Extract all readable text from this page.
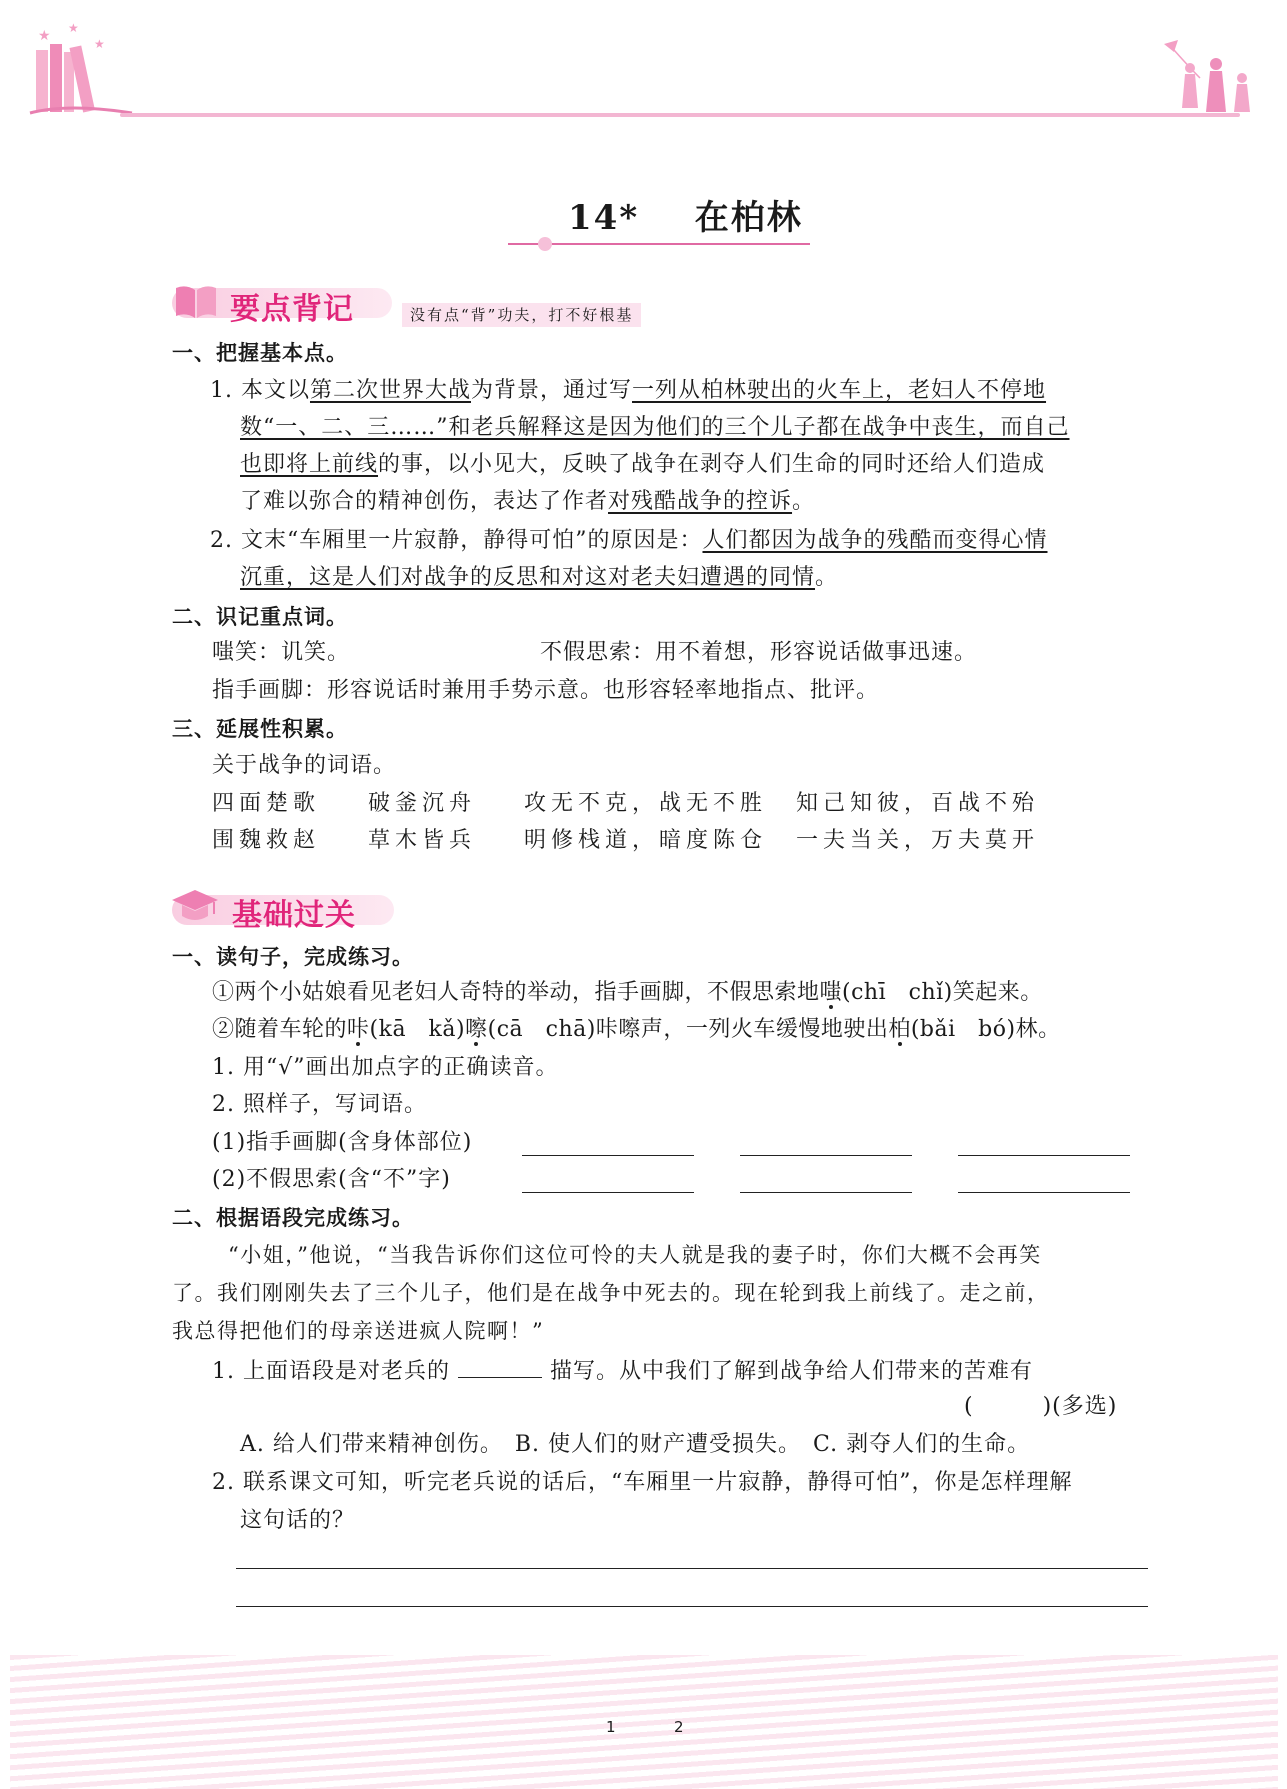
★ ★
★
14* 在柏林
要点背记	没有点“背”功夫，打不好根基
一、把握基本点。
1. 本文以第二次世界大战为背景，通过写一列从柏林驶出的火车上，老妇人不停地
数“一、二、三……”和老兵解释这是因为他们的三个儿子都在战争中丧生，而自己
也即将上前线的事，以小见大，反映了战争在剥夺人们生命的同时还给人们造成
了难以弥合的精神创伤，表达了作者对残酷战争的控诉。
2. 文末“车厢里一片寂静，静得可怕”的原因是：人们都因为战争的残酷而变得心情
沉重，这是人们对战争的反思和对这对老夫妇遭遇的同情。
二、识记重点词。
嗤笑：讥笑。	不假思索：用不着想，形容说话做事迅速。
指手画脚：形容说话时兼用手势示意。也形容轻率地指点、批评。
三、延展性积累。
关于战争的词语。
四面楚歌 破釜沉舟 攻无不克，战无不胜 知己知彼，百战不殆
围魏救赵 草木皆兵 明修栈道，暗度陈仓 一夫当关，万夫莫开
基础过关
一、读句子，完成练习。
①两个小姑娘看见老妇人奇特的举动，指手画脚，不假思索地嗤(chī　chǐ)笑起来。
②随着车轮的咔(kā　kǎ)嚓(cā　chā)咔嚓声，一列火车缓慢地驶出柏(bǎi　bó)林。
1. 用“√”画出加点字的正确读音。
2. 照样子，写词语。
(1)指手画脚(含身体部位)
(2)不假思索(含“不”字)
二、根据语段完成练习。
“小姐，”他说，“当我告诉你们这位可怜的夫人就是我的妻子时，你们大概不会再笑
了。我们刚刚失去了三个儿子，他们是在战争中死去的。现在轮到我上前线了。走之前，
我总得把他们的母亲送进疯人院啊！”
1. 上面语段是对老兵的	描写。从中我们了解到战争给人们带来的苦难有
(　　　)(多选)
A. 给人们带来精神创伤。　B. 使人们的财产遭受损失。　C. 剥夺人们的生命。
2. 联系课文可知，听完老兵说的话后，“车厢里一片寂静，静得可怕”，你是怎样理解
这句话的？
1	2
